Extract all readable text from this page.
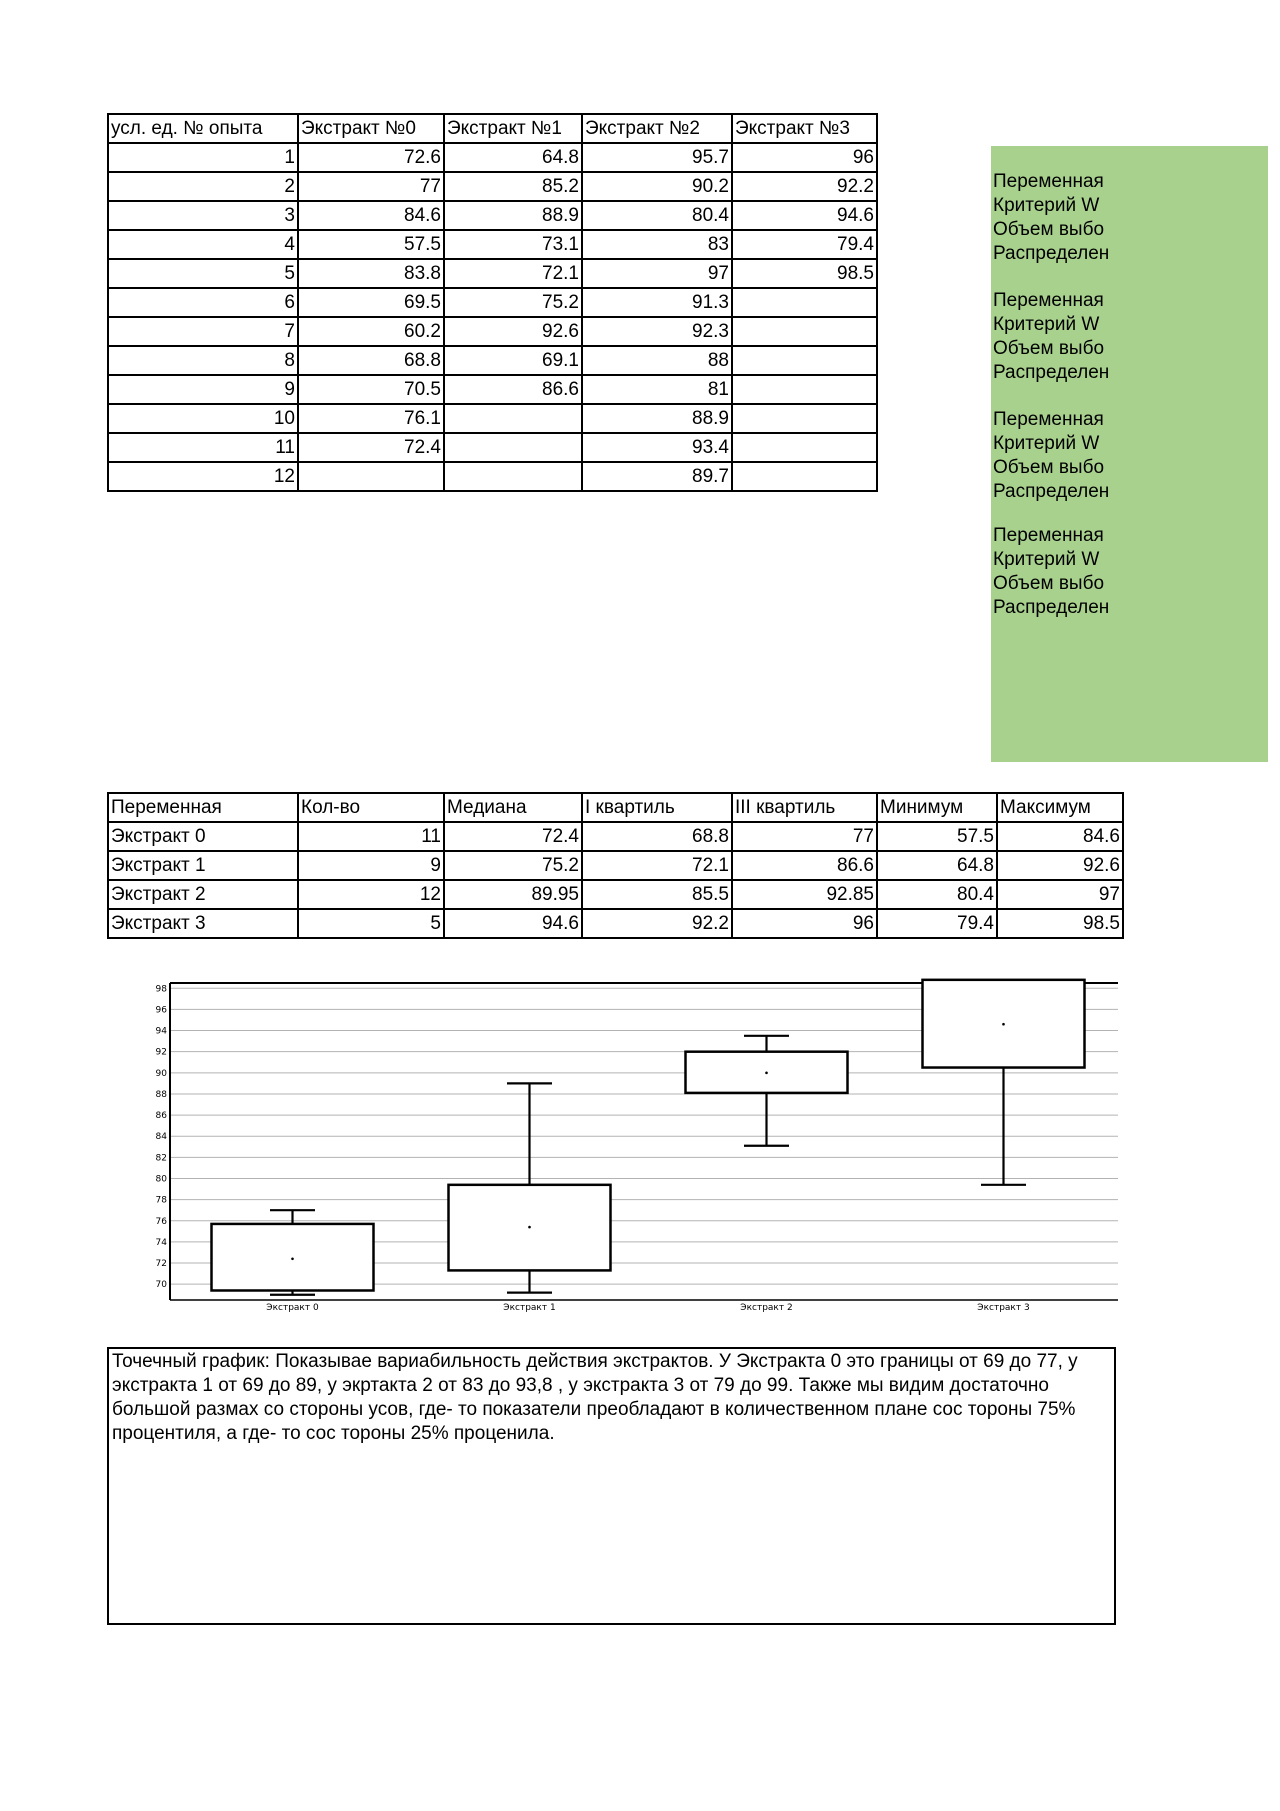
усл. ед. № опыта	Экстракт №0	Экстракт №1	Экстракт №2	Экстракт №3
1	72.6	64.8	95.7	96
2	77	85.2	90.2	92.2
3	84.6	88.9	80.4	94.6
4	57.5	73.1	83	79.4
5	83.8	72.1	97	98.5
6	69.5	75.2	91.3	
7	60.2	92.6	92.3	
8	68.8	69.1	88	
9	70.5	86.6	81	
10	76.1		88.9	
11	72.4		93.4	
12			89.7	
Переменная
Критерий W
Объем выбо
Распределен
Переменная
Критерий W
Объем выбо
Распределен
Переменная
Критерий W
Объем выбо
Распределен
Переменная
Критерий W
Объем выбо
Распределен
Переменная	Кол-во	Медиана	I квартиль	III квартиль	Минимум	Максимум
Экстракт 0	11	72.4	68.8	77	57.5	84.6
Экстракт 1	9	75.2	72.1	86.6	64.8	92.6
Экстракт 2	12	89.95	85.5	92.85	80.4	97
Экстракт 3	5	94.6	92.2	96	79.4	98.5
70
72
74
76
78
80
82
84
86
88
90
92
94
96
98
Экстракт 0	Экстракт 1	Экстракт 2	Экстракт 3
Точечный график: Показывае вариабильность действия экстрактов. У Экстракта 0 это границы от 69 до 77, у экстракта 1 от 69 до 89, у экртакта 2 от 83 до 93,8 , у экстракта 3 от 79 до 99. Также мы видим достаточно большой размах со стороны усов, где- то показатели преобладают в количественном плане сос тороны 75% процентиля, а где- то сос тороны 25% проценила.
